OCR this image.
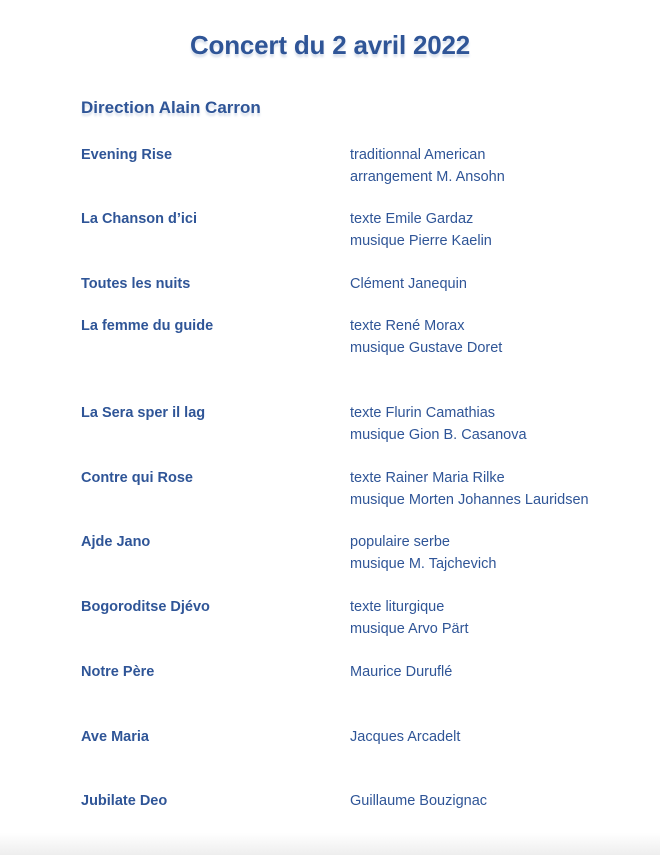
Concert du 2 avril 2022
Direction Alain Carron
Evening Rise	traditionnal American
arrangement M. Ansohn
La Chanson d’ici	texte Emile Gardaz
musique Pierre Kaelin
Toutes les nuits	Clément Janequin
La femme du guide	texte René Morax
musique Gustave Doret
La Sera sper il lag	texte Flurin Camathias
musique Gion B. Casanova
Contre qui Rose	texte Rainer Maria Rilke
musique Morten Johannes Lauridsen
Ajde Jano	populaire serbe
musique M. Tajchevich
Bogoroditse Djévo	texte liturgique
musique Arvo Pärt
Notre Père	Maurice Duruflé
Ave Maria	Jacques Arcadelt
Jubilate Deo	Guillaume Bouzignac
